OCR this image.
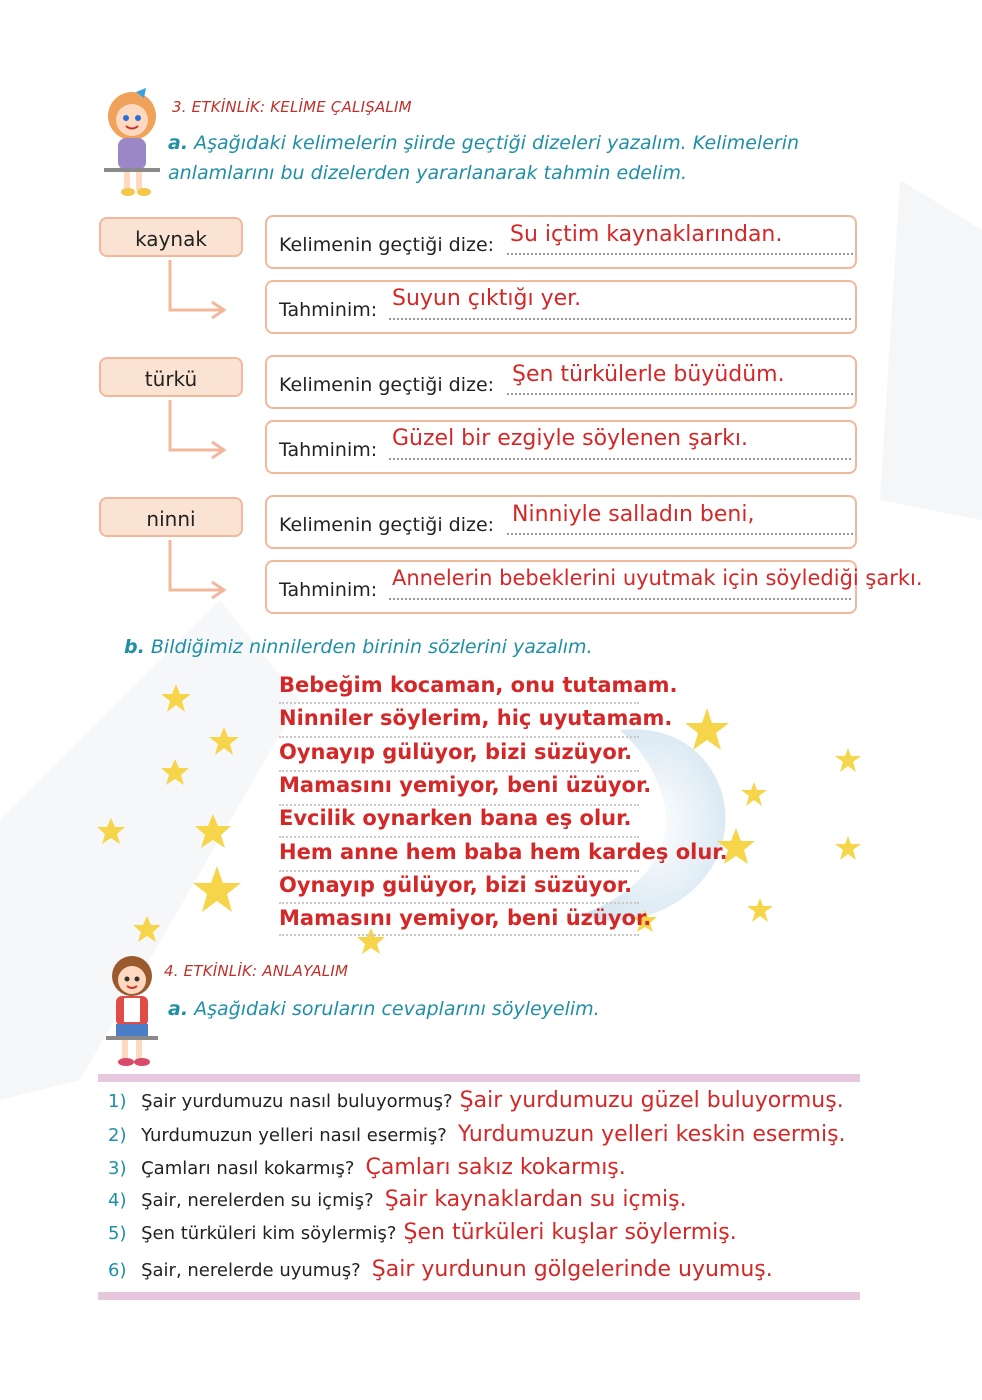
3. ETKİNLİK: KELİME ÇALIŞALIM
a. Aşağıdaki kelimelerin şiirde geçtiği dizeleri yazalım. Kelimelerin
anlamlarını bu dizelerden yararlanarak tahmin edelim.
kaynak	Kelimenin geçtiği dize: Su içtim kaynaklarından.
Tahminim: Suyun çıktığı yer.
türkü	Kelimenin geçtiği dize: Şen türkülerle büyüdüm.
Tahminim: Güzel bir ezgiyle söylenen şarkı.
ninni	Kelimenin geçtiği dize: Ninniyle salladın beni,
Tahminim: Annelerin bebeklerini uyutmak için söylediği şarkı.
b. Bildiğimiz ninnilerden birinin sözlerini yazalım.
Bebeğim kocaman, onu tutamam.
Ninniler söylerim, hiç uyutamam.
Oynayıp gülüyor, bizi süzüyor.
Mamasını yemiyor, beni üzüyor.
Evcilik oynarken bana eş olur.
Hem anne hem baba hem kardeş olur.
Oynayıp gülüyor, bizi süzüyor.
Mamasını yemiyor, beni üzüyor.
4. ETKİNLİK: ANLAYALIM
a. Aşağıdaki soruların cevaplarını söyleyelim.
1) Şair yurdumuzu nasıl buluyormuş? Şair yurdumuzu güzel buluyormuş.
2) Yurdumuzun yelleri nasıl esermiş? Yurdumuzun yelleri keskin esermiş.
3) Çamları nasıl kokarmış? Çamları sakız kokarmış.
4) Şair, nerelerden su içmiş? Şair kaynaklardan su içmiş.
5) Şen türküleri kim söylermiş? Şen türküleri kuşlar söylermiş.
6) Şair, nerelerde uyumuş? Şair yurdunun gölgelerinde uyumuş.
